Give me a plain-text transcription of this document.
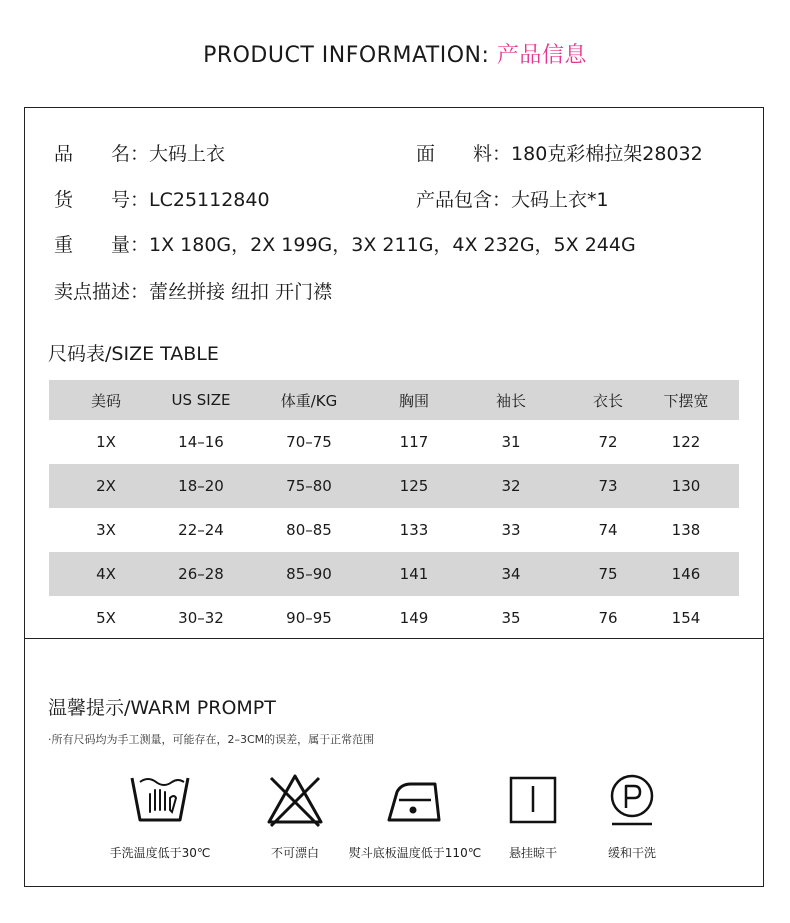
PRODUCT INFORMATION: 产品信息
品　　名：大码上衣	面　　料：180克彩棉拉架28032
货　　号：LC25112840	产品包含：大码上衣*1
重　　量：1X 180G，2X 199G，3X 211G，4X 232G，5X 244G
卖点描述：蕾丝拼接 纽扣 开门襟
尺码表/SIZE TABLE
美码	US SIZE	体重/KG	胸围	袖长	衣长	下摆宽
1X	14–16	70–75	117	31	72	122
2X	18–20	75–80	125	32	73	130
3X	22–24	80–85	133	33	74	138
4X	26–28	85–90	141	34	75	146
5X	30–32	90–95	149	35	76	154
温馨提示/WARM PROMPT
·所有尺码均为手工测量，可能存在，2–3CM的误差，属于正常范围
手洗温度低于30℃	不可漂白 熨斗底板温度低于110℃ 悬挂晾干	缓和干洗
